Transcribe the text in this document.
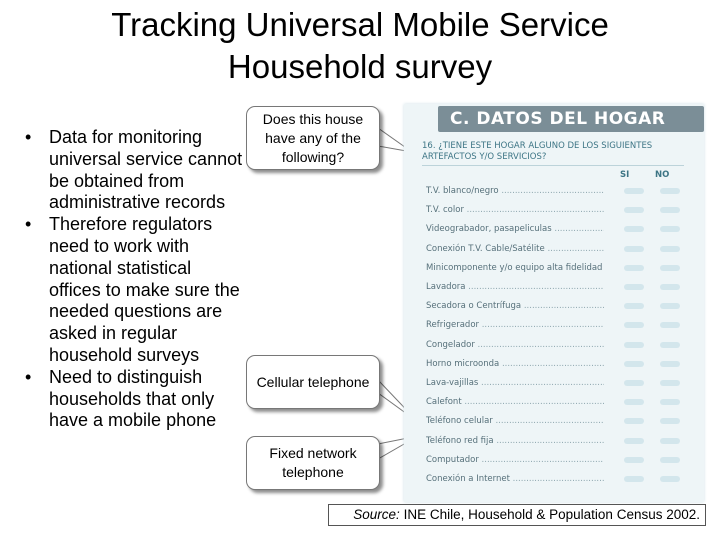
Tracking Universal Mobile Service
Household survey
• Data for monitoring universal service cannot be obtained from administrative records
• Therefore regulators need to work with national statistical offices to make sure the needed questions are asked in regular household surveys
• Need to distinguish households that only have a mobile phone
Does this house have any of the following?
Cellular telephone
Fixed network telephone
C. DATOS DEL HOGAR
16. ¿TIENE ESTE HOGAR ALGUNO DE LOS SIGUIENTES ARTEFACTOS Y/O SERVICIOS?
SI	NO
T.V. blanco/negro .....
T.V. color .....
Videograbador, pasapeliculas .....
Conexión T.V. Cable/Satélite .....
Minicomponente y/o equipo alta fidelidad .....
Lavadora .....
Secadora o Centrífuga .....
Refrigerador .....
Congelador .....
Horno microonda .....
Lava-vajillas .....
Calefont .....
Teléfono celular .....
Teléfono red fija .....
Computador .....
Conexión a Internet .....
Source: INE Chile, Household & Population Census 2002.
